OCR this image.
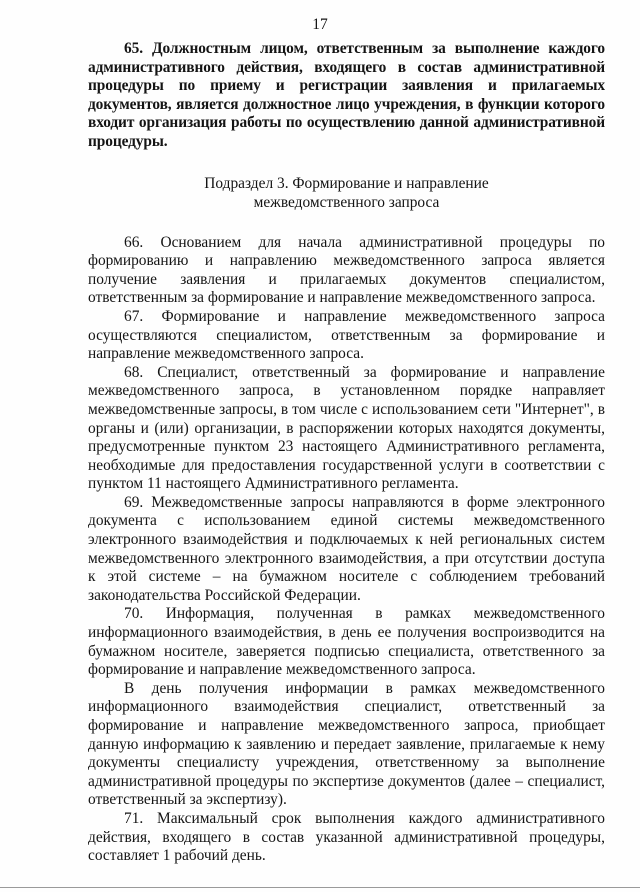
17

65. Должностным лицом, ответственным за выполнение каждого административного действия, входящего в состав административной процедуры по приему и регистрации заявления и прилагаемых документов, является должностное лицо учреждения, в функции которого входит организация работы по осуществлению данной административной процедуры.

Подраздел 3. Формирование и направление
межведомственного запроса

66. Основанием для начала административной процедуры по формированию и направлению межведомственного запроса является получение заявления и прилагаемых документов специалистом, ответственным за формирование и направление межведомственного запроса.

67. Формирование и направление межведомственного запроса осуществляются специалистом, ответственным за формирование и направление межведомственного запроса.

68. Специалист, ответственный за формирование и направление межведомственного запроса, в установленном порядке направляет межведомственные запросы, в том числе с использованием сети "Интернет", в органы и (или) организации, в распоряжении которых находятся документы, предусмотренные пунктом 23 настоящего Административного регламента, необходимые для предоставления государственной услуги в соответствии с пунктом 11 настоящего Административного регламента.

69. Межведомственные запросы направляются в форме электронного документа с использованием единой системы межведомственного электронного взаимодействия и подключаемых к ней региональных систем межведомственного электронного взаимодействия, а при отсутствии доступа к этой системе – на бумажном носителе с соблюдением требований законодательства Российской Федерации.

70. Информация, полученная в рамках межведомственного информационного взаимодействия, в день ее получения воспроизводится на бумажном носителе, заверяется подписью специалиста, ответственного за формирование и направление межведомственного запроса.

В день получения информации в рамках межведомственного информационного взаимодействия специалист, ответственный за формирование и направление межведомственного запроса, приобщает данную информацию к заявлению и передает заявление, прилагаемые к нему документы специалисту учреждения, ответственному за выполнение административной процедуры по экспертизе документов (далее – специалист, ответственный за экспертизу).

71. Максимальный срок выполнения каждого административного действия, входящего в состав указанной административной процедуры, составляет 1 рабочий день.
